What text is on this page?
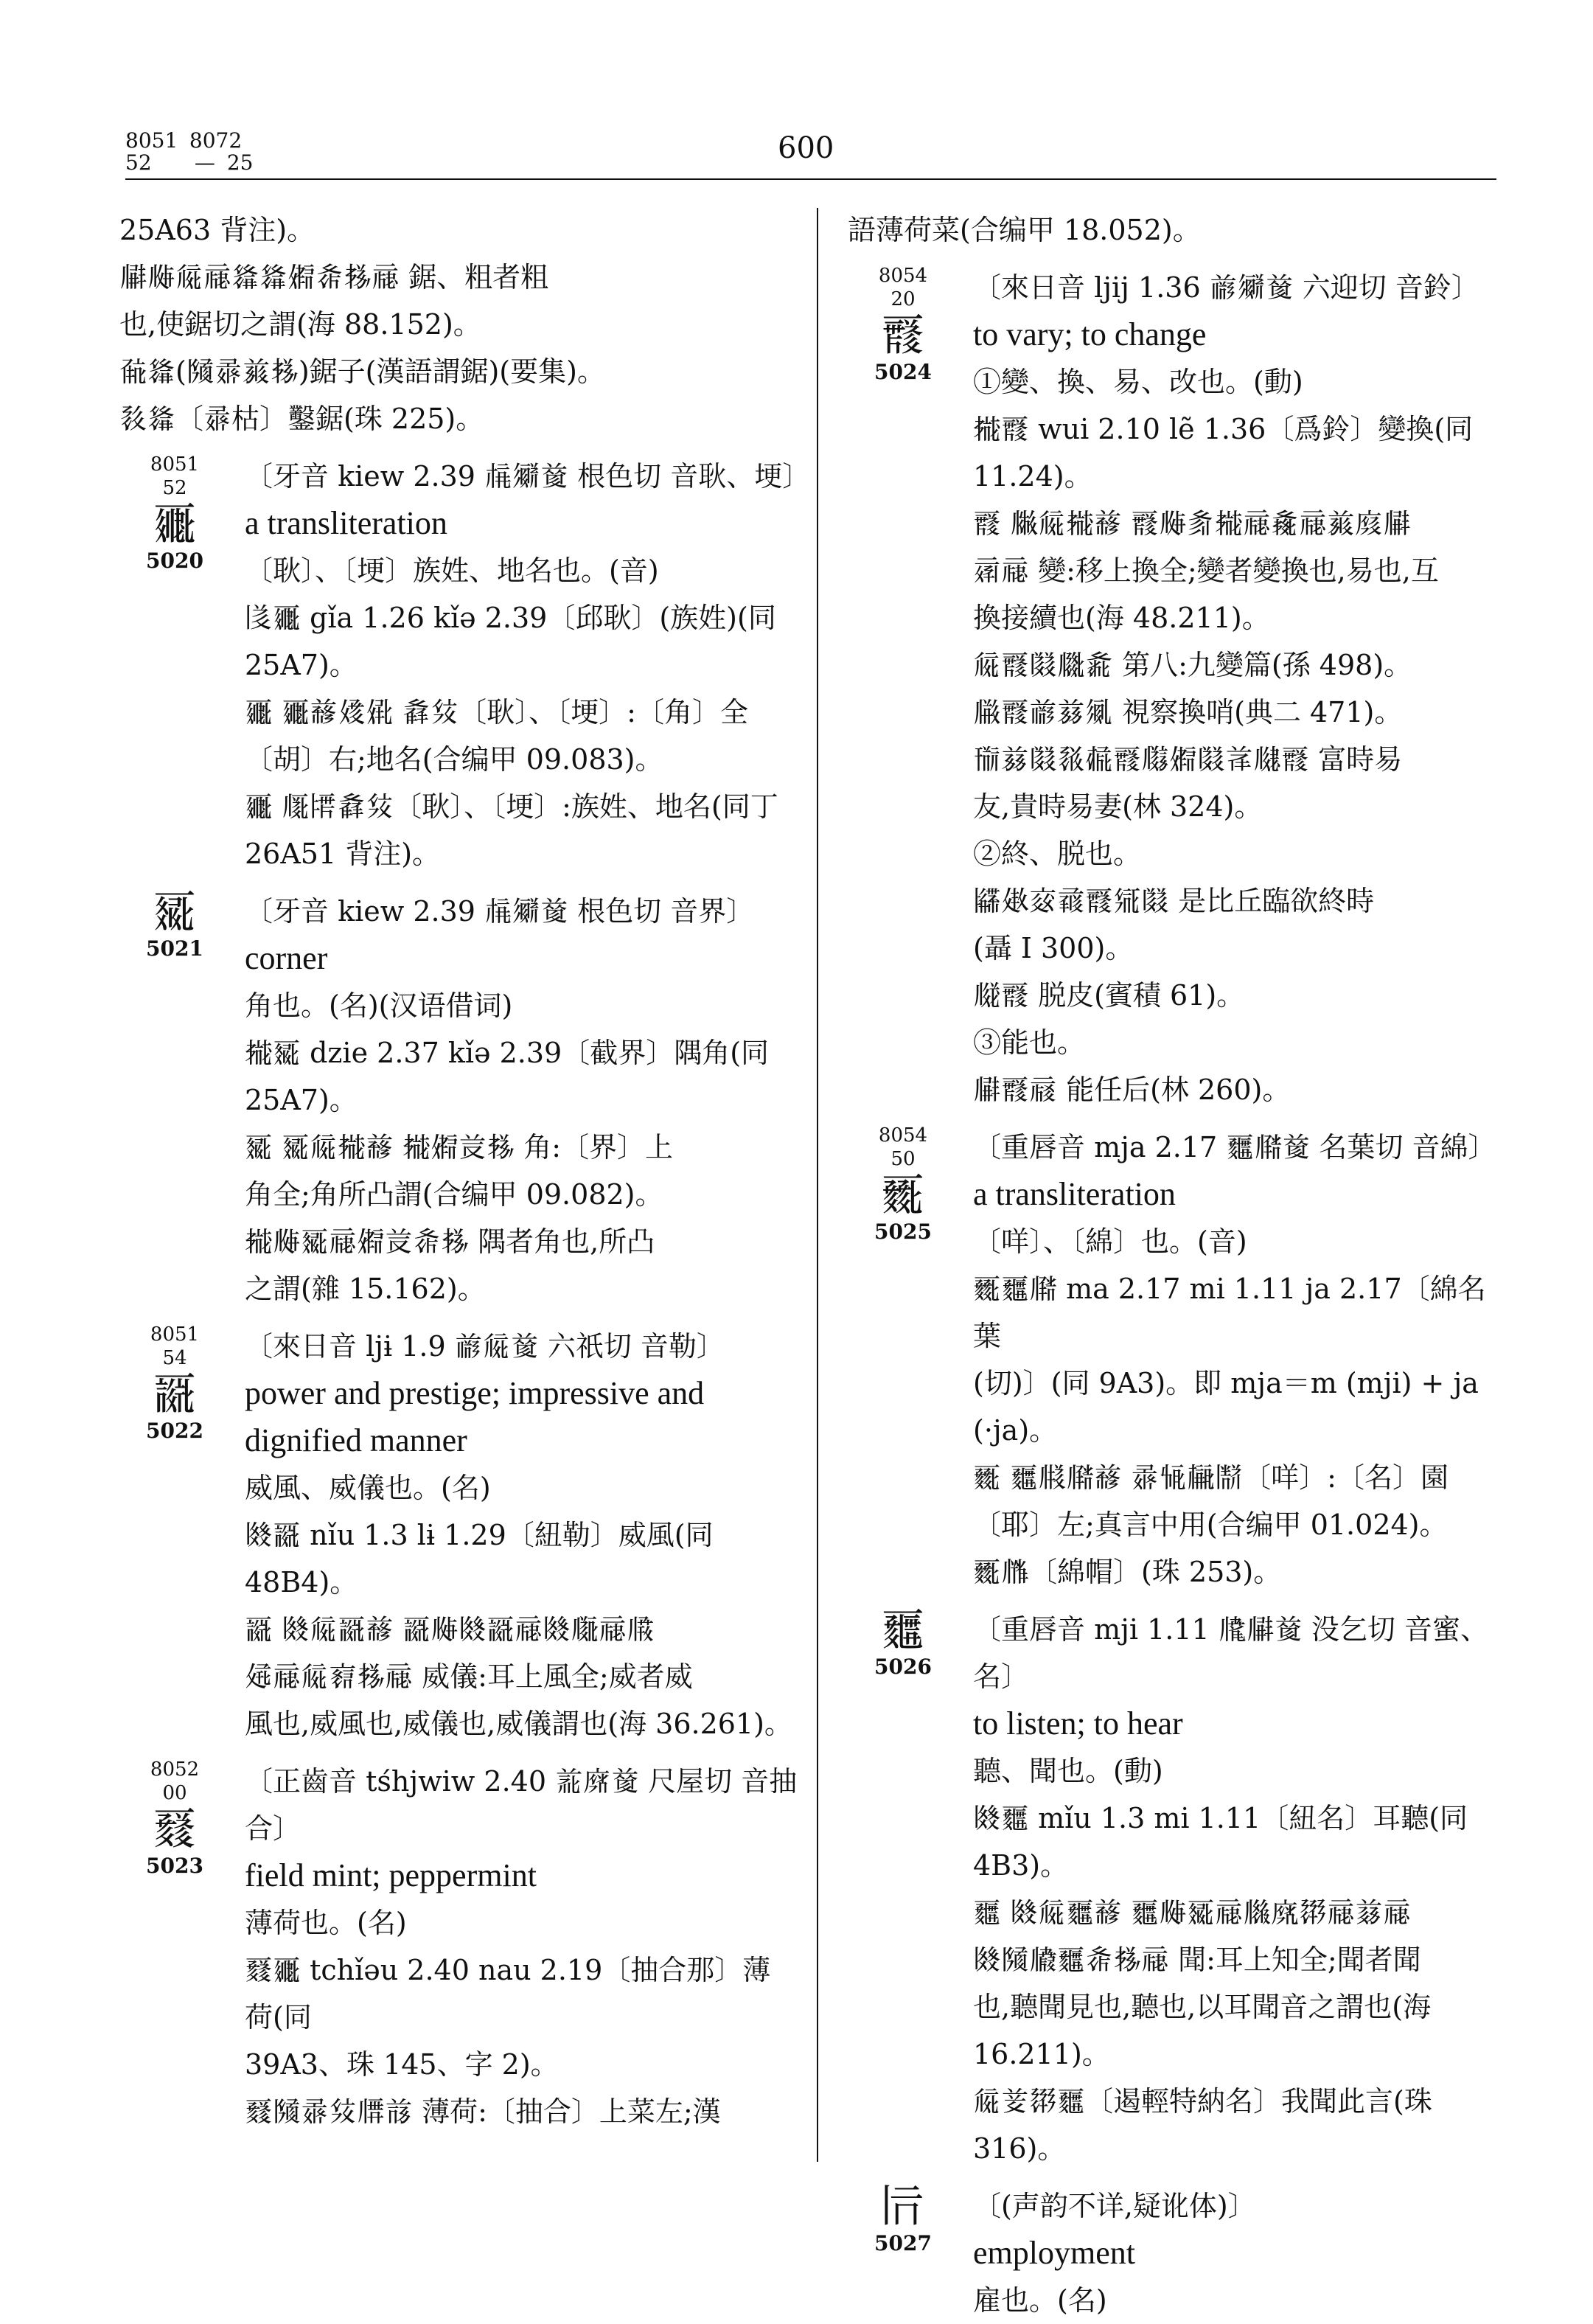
8051 8072
52 — 25	600

25A63 背注)。

𗆔𗅊𗏁𗄊𗌮𗌮𗏳𗐋𗈪𗄊 鋸、粗者粗

也,使鋸切之謂(海 88.152)。

𘆨𗌮(𗂧𗈁𗑏𗈪)鋸子(漢語謂鋸)(要集)。

𗈼𗌮〔𗈁枯〕鑿鋸(珠 225)。

8051
52
𗀩
5020

〔牙音 kiew 2.39 𗍫𗏈𗒹 根色切 音耿、埂〕

a transliteration

〔耿〕、〔埂〕族姓、地名也。(音)

𗁅𗀩 gǐa 1.26 kǐə 2.39〔邱耿〕(族姓)(同

25A7)。

𗀩 𗀩𗒘𗏘𗏖 𗐔𗊏〔耿〕、〔埂〕:〔角〕全

〔胡〕右;地名(合编甲 09.083)。

𗀩 𗅲𗎪𗐔𗊏〔耿〕、〔埂〕:族姓、地名(同丁

26A51 背注)。

𗀪
5021

〔牙音 kiew 2.39 𗍫𗏈𗒹 根色切 音界〕

corner

角也。(名)(汉语借词)

𗈶𗀪 dzie 2.37 kǐə 2.39〔截界〕隅角(同

25A7)。

𗀪 𗀪𗏁𗈶𗒘 𗈶𗏳𗐫𗈪 角:〔界〕上

角全;角所凸謂(合编甲 09.082)。

𗈶𗅊𗀪𗄊𗏳𗐫𗐋𗈪 隅者角也,所凸

之謂(雜 15.162)。

8051
54
𗀫
5022

〔來日音 ljɨ 1.9 𗑗𗏁𗒹 六祇切 音勒〕

power and prestige; impressive and

dignified manner

威風、威儀也。(名)

𗂖𗀫 nǐu 1.3 lɨ 1.29〔紐勒〕威風(同 48B4)。

𗀫 𗂖𗏁𗀫𗒘 𗀫𗅊𗂖𗀫𗄊𗂖𗆒𗄊𗆗

𗐇𗄊𗏁𗇑𗈪𗄊 威儀:耳上風全;威者威

風也,威風也,威儀也,威儀謂也(海 36.261)。

8052
00
𗀬
5023

〔正齒音 tśhjwiw 2.40 𗑃𗐡𗒹 尺屋切 音抽

合〕

field mint; peppermint

薄荷也。(名)

𗀬𗀩 tchǐəu 2.40 nau 2.19〔抽合那〕薄荷(同

39A3、珠 145、字 2)。

𗀬𗂧𗈁𗊏𗅬𗐭 薄荷:〔抽合〕上菜左;漢

語薄荷菜(合编甲 18.052)。

8054
20
𗀭
5024

〔來日音 ljij 1.36 𗑗𗏈𗒹 六迎切 音鈴〕

to vary; to change

①變、換、易、改也。(動)

𗈶𗀭 wui 2.10 lẽ 1.36〔爲鈴〕變換(同 11.24)。

𗀭 𗅫𗏁𗈶𗒘 𗀭𗅊𗐌𗈶𗄊𗐖𗄊𗑏𗐞𗆔

𗄃𗄊 變:移上換全;變者變換也,易也,互

換接續也(海 48.211)。

𗏁𗀭𗂸𗆙𗐑 第八:九變篇(孫 498)。

𗆐𗀭𗑗𗐬𗏇 視察換哨(典二 471)。

𗍐𗐬𗂸𗈿𗎏𗀭𗆣𗏳𗂸𗐰𗆋𗀭 富時易

友,貴時易妻(林 324)。

②終、脱也。

𗎳𗐆𗇏𗈅𗀭𗊧𗂸 是比丘臨欲終時

(聶 I 300)。

𗆊𗀭 脱皮(賓積 61)。

③能也。

𗆔𗀭𗄉 能任后(林 260)。

8054
50
𗀮
5025

〔重唇音 mja 2.17 𗀯𗆖𗒹 名葉切 音綿〕

a transliteration

〔咩〕、〔綿〕也。(音)

𗀮𗀯𗆖 ma 2.17 mi 1.11 ja 2.17〔綿名葉

(切)〕(同 9A3)。即 mja＝m (mji) + ja (·ja)。

𗀮 𗀯𗅭𗆖𗒘 𗈁𗎻𗍳𗂯〔咩〕:〔名〕園

〔耶〕左;真言中用(合编甲 01.024)。

𗀮𗆏〔綿帽〕(珠 253)。

𗀯
5026

〔重唇音 mji 1.11 𗆩𗆔𗒹 没乞切 音蜜、名〕

to listen; to hear

聽、聞也。(動)

𗂖𗀯 mǐu 1.3 mi 1.11〔紐名〕耳聽(同 4B3)。

𗀯 𗂖𗏁𗀯𗒘 𗀯𗅊𗀪𗄊𗆍𗐢𗈽𗄊𗐿𗄊

𗂖𗂧𗇀𗀯𗐋𗈪𗄊 聞:耳上知全;聞者聞

也,聽聞見也,聽也,以耳聞音之謂也(海

16.211)。

𗏁𗐻𗈽𗀯〔遏輕特納名〕我聞此言(珠 316)。

𗀰
5027

〔(声韵不详,疑讹体)〕

employment

雇也。(名)
